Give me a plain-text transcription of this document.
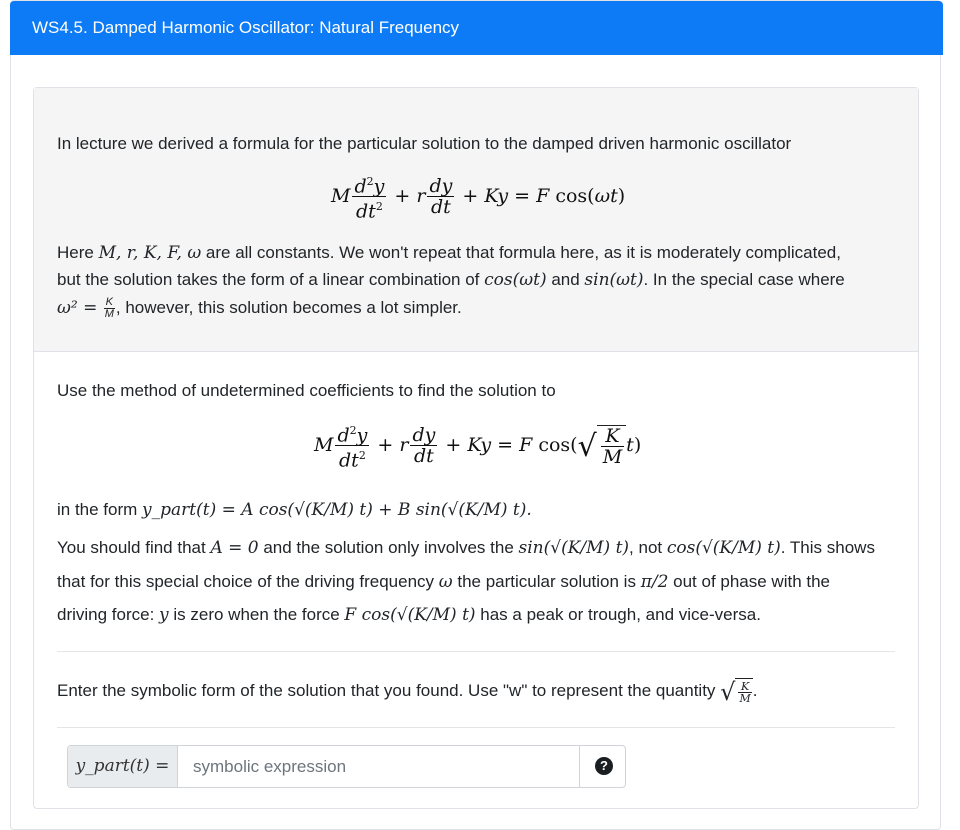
WS4.5. Damped Harmonic Oscillator: Natural Frequency
In lecture we derived a formula for the particular solution to the damped driven harmonic oscillator
M $\frac{d^2y}{dt^2} + r \frac{dy}{dt} + Ky = F$ cos(ωt)
Here M, r, K, F, ω are all constants. We won't repeat that formula here, as it is moderately complicated,
but the solution takes the form of a linear combination of cos(ωt) and sin(ωt). In the special case where
$\omega^2 = \frac{K}{M}$ , however, this solution becomes a lot simpler.
Use the method of undetermined coefficients to find the solution to
M $\frac{d^2y}{dt^2} + r \frac{dy}{dt} + Ky = F$ $\cos(√ \frac{K}{M} t)$
in the form y_part(t) = A cos(√(K/M) t) + B sin(√(K/M) t).
You should find that A = 0 and the solution only involves the sin(√(K/M) t), not cos(√(K/M) t). This shows
that for this special choice of the driving frequency ω the particular solution is π/2 out of phase with the
driving force: y is zero when the force F cos(√(K/M) t) has a peak or trough, and vice-versa.
Enter the symbolic form of the solution that you found. Use "w" to represent the quantity √ $\frac{K}{M}$ .
y_part(t) =
symbolic expression	?
